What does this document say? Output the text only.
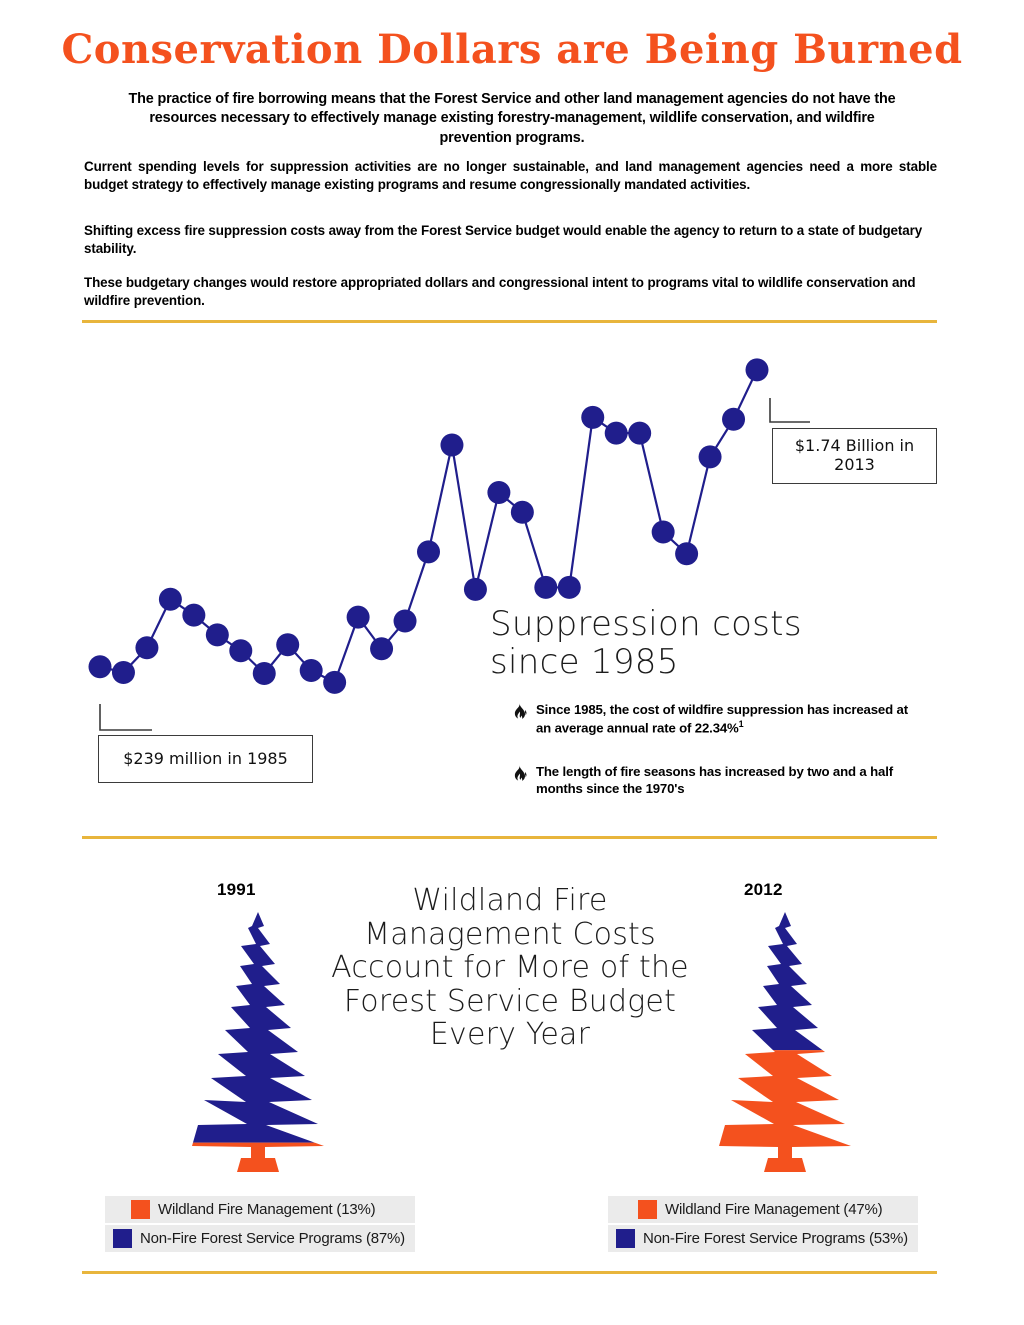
Conservation Dollars are Being Burned
The practice of fire borrowing means that the Forest Service and other land management agencies do not have the resources necessary to effectively manage existing forestry-management, wildlife conservation, and wildfire prevention programs.
Current spending levels for suppression activities are no longer sustainable, and land management agencies need a more stable budget strategy to effectively manage existing programs and resume congressionally mandated activities.
Shifting excess fire suppression costs away from the Forest Service budget would enable the agency to return to a state of budgetary stability.
These budgetary changes would restore appropriated dollars and congressional intent to programs vital to wildlife conservation and wildfire prevention.
$239 million in 1985
$1.74 Billion in 2013
Suppression costs
since 1985
Since 1985, the cost of wildfire suppression has increased at an average annual rate of 22.34%$^1$
The length of fire seasons has increased by two and a half months since the 1970's
Wildland Fire Management Costs Account for More of the Forest Service Budget Every Year
1991	2012
Wildland Fire Management (13%)
Non-Fire Forest Service Programs (87%)
Wildland Fire Management (47%)
Non-Fire Forest Service Programs (53%)
